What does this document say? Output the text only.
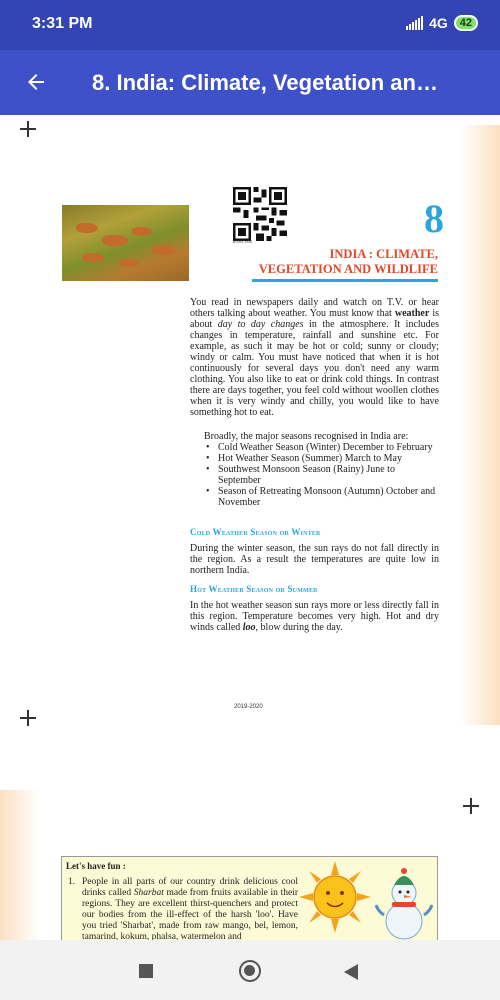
3:31 PM	4G	42
8. India: Climate, Vegetation an…
8055CH08
8
INDIA : CLIMATE,
VEGETATION AND WILDLIFE
You read in newspapers daily and watch on T.V. or hear others talking about weather. You must know that weather is about day to day changes in the atmosphere. It includes changes in temperature, rainfall and sunshine etc. For example, as such it may be hot or cold; sunny or cloudy; windy or calm. You must have noticed that when it is hot continuously for several days you don't need any warm clothing. You also like to eat or drink cold things. In contrast there are days together, you feel cold without woollen clothes when it is very windy and chilly, you would like to have something hot to eat.

Broadly, the major seasons recognised in India are:

• Cold Weather Season (Winter) December to February
• Hot Weather Season (Summer) March to May
• Southwest Monsoon Season (Rainy) June to September
• Season of Retreating Monsoon (Autumn) October and November
Cold Weather Season or Winter
During the winter season, the sun rays do not fall directly in the region. As a result the temperatures are quite low in northern India.
Hot Weather Season or Summer
In the hot weather season sun rays more or less directly fall in this region. Temperature becomes very high. Hot and dry winds called loo, blow during the day.
2019-2020
Let's have fun :
1. People in all parts of our country drink delicious cool drinks called Sharbat made from fruits available in their regions. They are excellent thirst-quenchers and protect our bodies from the ill-effect of the harsh 'loo'. Have you tried 'Sharbat', made from raw mango, bel, lemon, tamarind, kokum, phalsa, watermelon and
